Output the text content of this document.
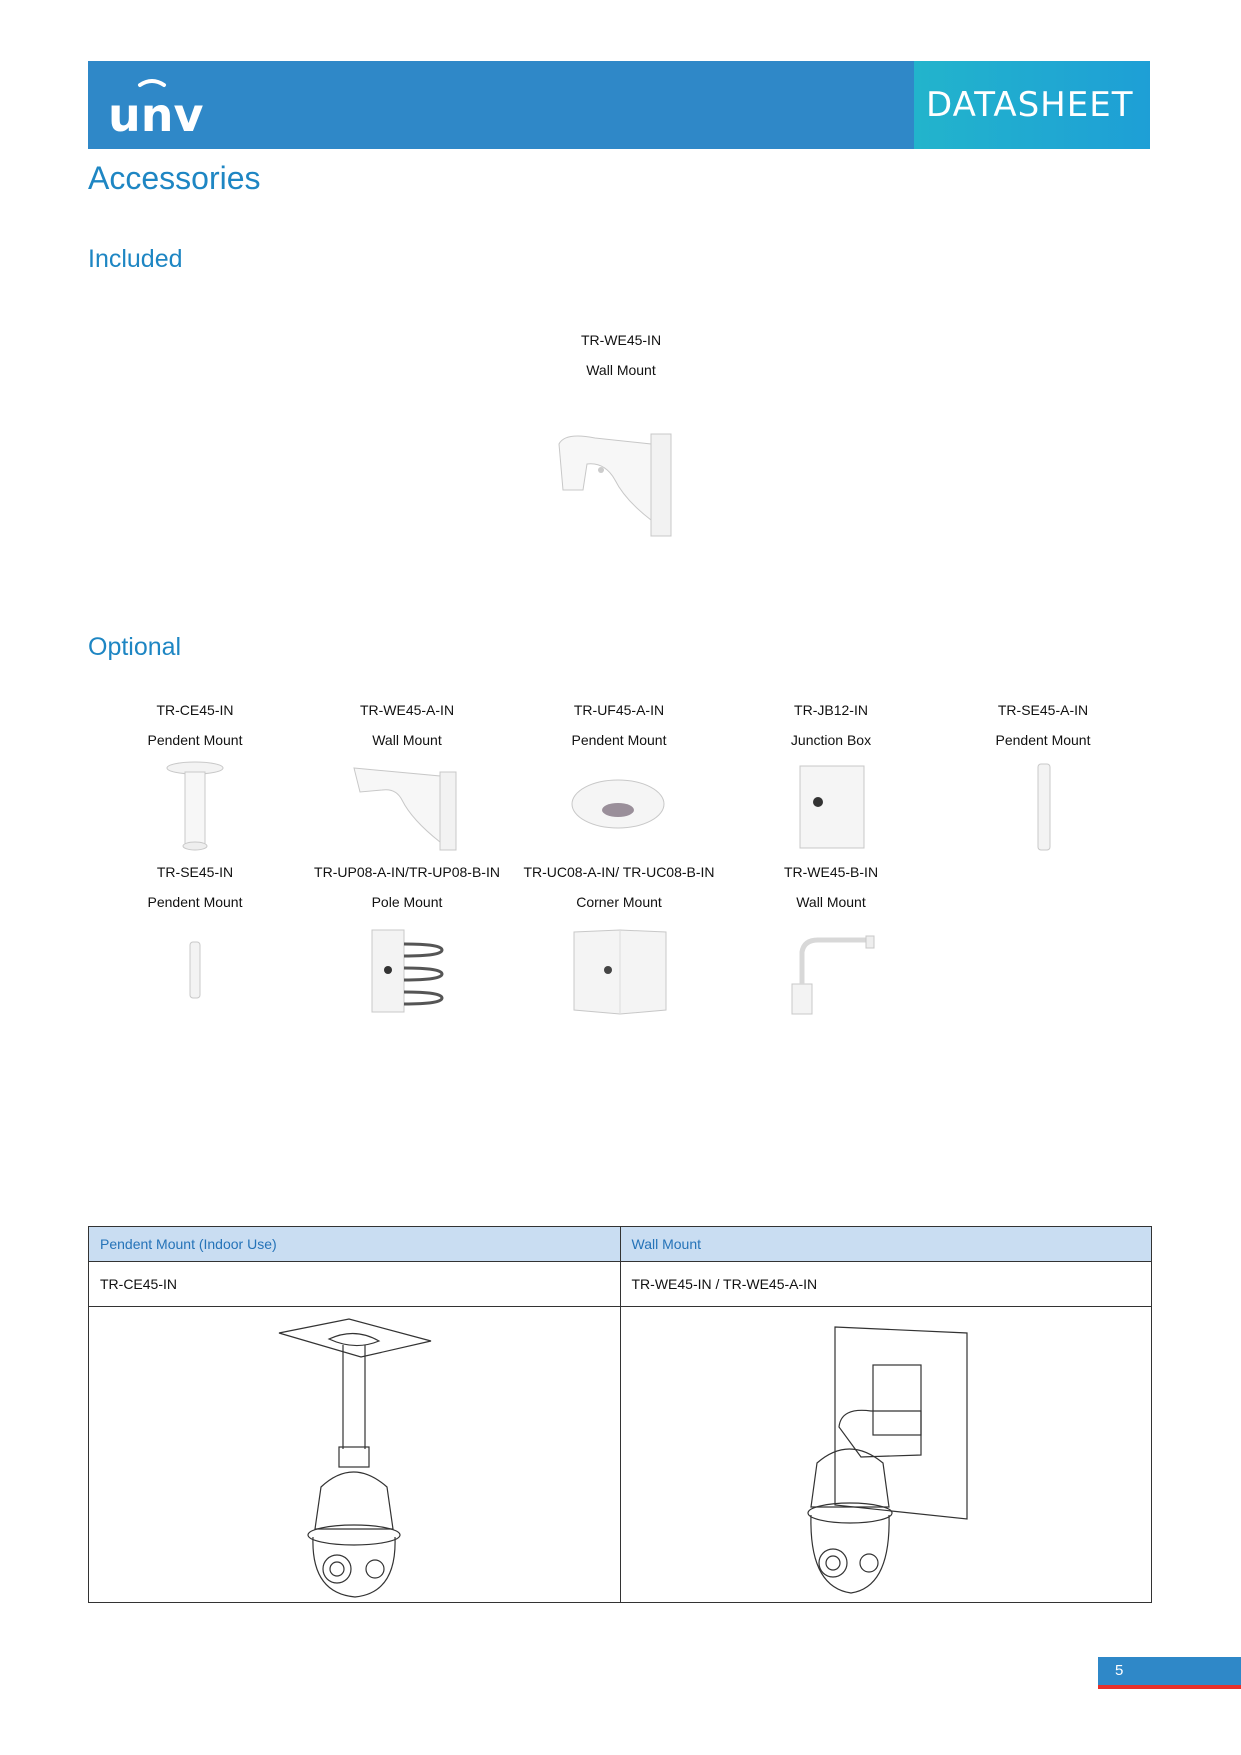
unv	DATASHEET
Accessories
Included
TR-WE45-IN
Wall Mount
Optional
TR-CE45-IN
Pendent Mount
TR-WE45-A-IN
Wall Mount
TR-UF45-A-IN
Pendent Mount
TR-JB12-IN
Junction Box
TR-SE45-A-IN
Pendent Mount
TR-SE45-IN
Pendent Mount
TR-UP08-A-IN/TR-UP08-B-IN
Pole Mount
TR-UC08-A-IN/ TR-UC08-B-IN
Corner Mount
TR-WE45-B-IN
Wall Mount
Pendent Mount (Indoor Use)	Wall Mount
TR-CE45-IN	TR-WE45-IN / TR-WE45-A-IN

5
